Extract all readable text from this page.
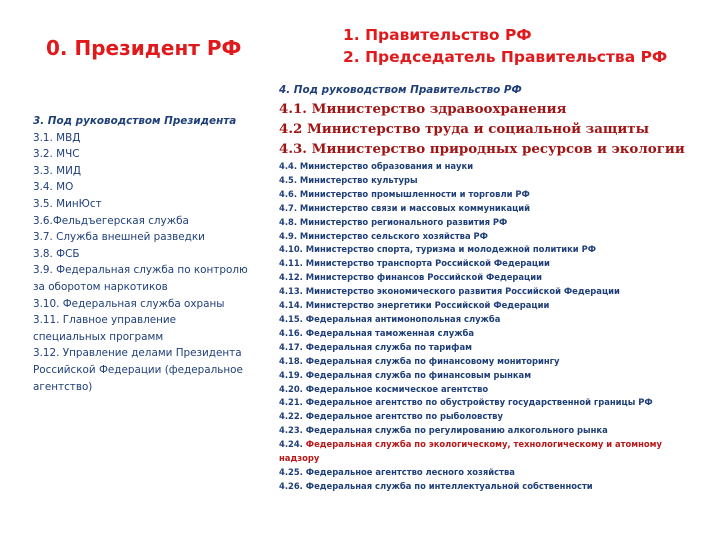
0. Президент РФ
1. Правительство РФ
2. Председатель Правительства РФ
3. Под руководством Президента
3.1. МВД
3.2. МЧС
3.3. МИД
3.4. МО
3.5. МинЮст
3.6.Фельдъегерская служба
3.7. Служба внешней разведки
3.8. ФСБ
3.9. Федеральная служба по контролю за оборотом наркотиков
3.10. Федеральная служба охраны
3.11. Главное управление специальных программ
3.12. Управление делами Президента Российской Федерации (федеральное агентство)
4. Под руководством Правительство РФ
4.1. Министерство здравоохранения
4.2 Министерство труда и социальной защиты
4.3. Министерство природных ресурсов и экологии
4.4. Министерство образования и науки
4.5. Министерство культуры
4.6. Министерство промышленности и торговли РФ
4.7. Министерство связи и массовых коммуникаций
4.8. Министерство регионального развития РФ
4.9. Министерство сельского хозяйства РФ
4.10. Министерство спорта, туризма и молодежной политики РФ
4.11. Министерство транспорта Российской Федерации
4.12. Министерство финансов Российской Федерации
4.13. Министерство экономического развития Российской Федерации
4.14. Министерство энергетики Российской Федерации
4.15. Федеральная антимонопольная служба
4.16. Федеральная таможенная служба
4.17. Федеральная служба по тарифам
4.18. Федеральная служба по финансовому мониторингу
4.19. Федеральная служба по финансовым рынкам
4.20. Федеральное космическое агентство
4.21. Федеральное агентство по обустройству государственной границы РФ
4.22. Федеральное агентство по рыболовству
4.23. Федеральная служба по регулированию алкогольного рынка
4.24. Федеральная служба по экологическому, технологическому и атомному надзору
4.25. Федеральное агентство лесного хозяйства
4.26. Федеральная служба по интеллектуальной собственности
